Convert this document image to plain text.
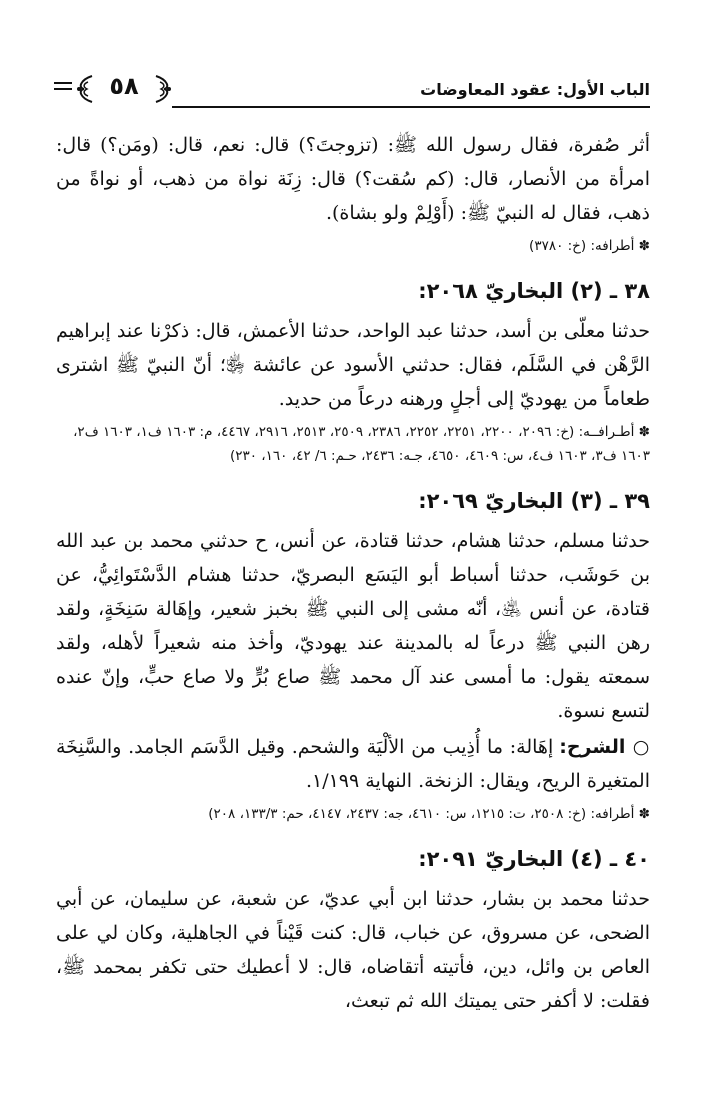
٥٨	الباب الأول: عقود المعاوضات

أثر صُفرة، فقال رسول الله ﷺ: (تزوجتَ؟) قال: نعم، قال: (ومَن؟) قال: امرأة من الأنصار، قال: (كم سُقت؟) قال: زِنَة نواة من ذهب، أو نواةً من ذهب، فقال له النبيّ ﷺ: (أَوْلِمْ ولو بشاة).

✽ أطرافه: (خ: ٣٧٨٠)

٣٨ ـ (٢) البخاريّ ٢٠٦٨:

حدثنا معلّى بن أسد، حدثنا عبد الواحد، حدثنا الأعمش، قال: ذكرْنا عند إبراهيم الرَّهْن في السَّلَم، فقال: حدثني الأسود عن عائشة ﵂؛ أنّ النبيّ ﷺ اشترى طعاماً من يهوديّ إلى أجلٍ ورهنه درعاً من حديد.

✽ أطـرافــه: (خ: ٢٠٩٦، ٢٢٠٠، ٢٢٥١، ٢٢٥٢، ٢٣٨٦، ٢٥٠٩، ٢٥١٣، ٢٩١٦، ٤٤٦٧، م: ١٦٠٣ ف١، ١٦٠٣ ف٢، ١٦٠٣ ف٣، ١٦٠٣ ف٤، س: ٤٦٠٩، ٤٦٥٠، جـه: ٢٤٣٦، حـم: ٦/ ٤٢، ١٦٠، ٢٣٠)

٣٩ ـ (٣) البخاريّ ٢٠٦٩:

حدثنا مسلم، حدثنا هشام، حدثنا قتادة، عن أنس، ح حدثني محمد بن عبد الله بن حَوشَب، حدثنا أسباط أبو اليَسَع البصريّ، حدثنا هشام الدَّسْتَوائِيُّ، عن قتادة، عن أنس ﵁، أنّه مشى إلى النبي ﷺ بخبز شعير، وإهَالة سَنِخَةٍ، ولقد رهن النبي ﷺ درعاً له بالمدينة عند يهوديّ، وأخذ منه شعيراً لأهله، ولقد سمعته يقول: ما أمسى عند آل محمد ﷺ صاع بُرٍّ ولا صاع حبٍّ، وإنّ عنده لتسع نسوة.

○ الشرح: إهَالة: ما أُذِيب من الألْيَة والشحم. وقيل الدَّسَم الجامد. والسَّنِخَة المتغيرة الريح، ويقال: الزنخة. النهاية ١/١٩٩.

✽ أطرافه: (خ: ٢٥٠٨، ت: ١٢١٥، س: ٤٦١٠، جه: ٢٤٣٧، ٤١٤٧، حم: ١٣٣/٣، ٢٠٨)

٤٠ ـ (٤) البخاريّ ٢٠٩١:

حدثنا محمد بن بشار، حدثنا ابن أبي عديّ، عن شعبة، عن سليمان، عن أبي الضحى، عن مسروق، عن خباب، قال: كنت قَيْناً في الجاهلية، وكان لي على العاص بن وائل، دين، فأتيته أتقاضاه، قال: لا أعطيك حتى تكفر بمحمد ﷺ، فقلت: لا أكفر حتى يميتك الله ثم تبعث،
